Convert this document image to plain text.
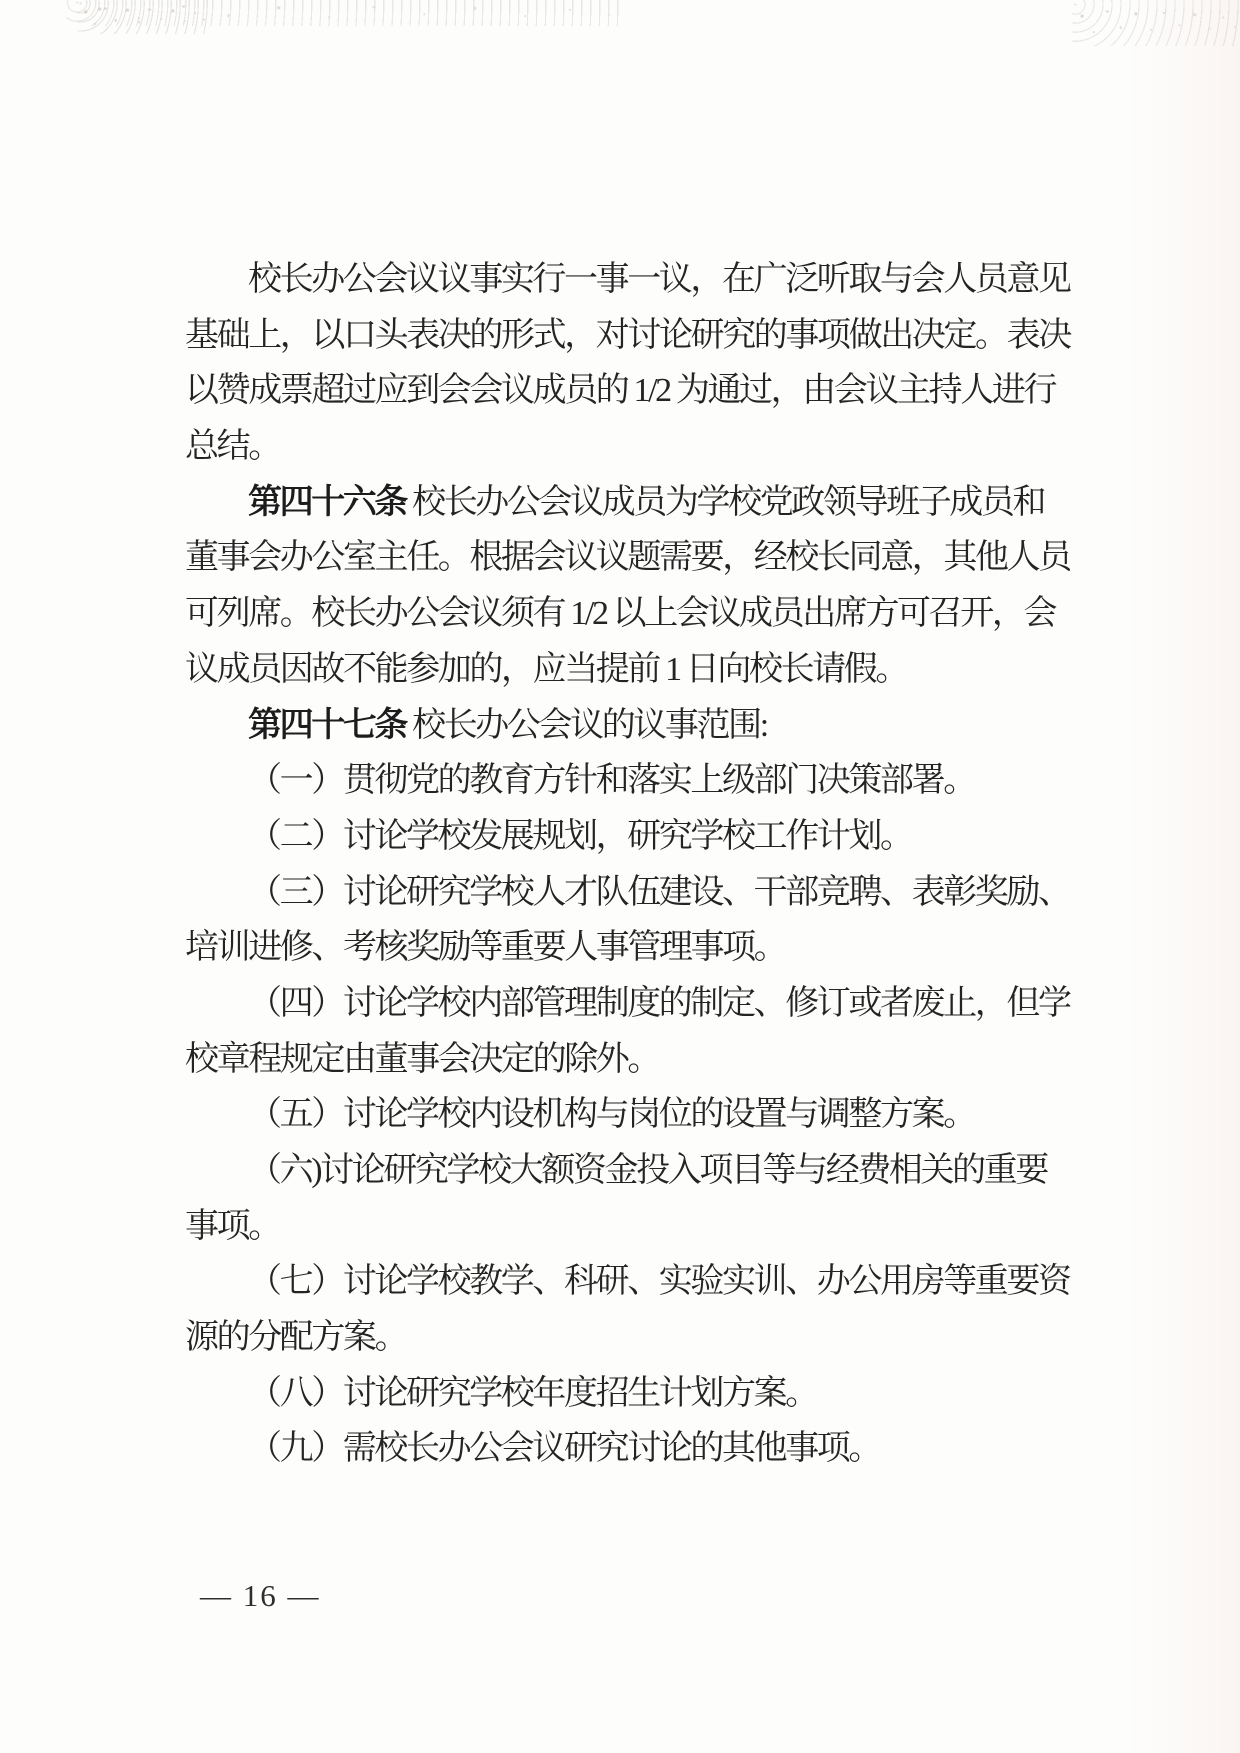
校长办公会议议事实行一事一议，在广泛听取与会人员意见
基础上，以口头表决的形式，对讨论研究的事项做出决定。表决
以赞成票超过应到会会议成员的 1/2 为通过，由会议主持人进行
总结。
第四十六条 校长办公会议成员为学校党政领导班子成员和
董事会办公室主任。根据会议议题需要，经校长同意，其他人员
可列席。校长办公会议须有 1/2 以上会议成员出席方可召开，会
议成员因故不能参加的，应当提前 1 日向校长请假。
第四十七条 校长办公会议的议事范围:
（一）贯彻党的教育方针和落实上级部门决策部署。
（二）讨论学校发展规划，研究学校工作计划。
（三）讨论研究学校人才队伍建设、干部竞聘、表彰奖励、
培训进修、考核奖励等重要人事管理事项。
（四）讨论学校内部管理制度的制定、修订或者废止，但学
校章程规定由董事会决定的除外。
（五）讨论学校内设机构与岗位的设置与调整方案。
（六)讨论研究学校大额资金投入项目等与经费相关的重要
事项。
（七）讨论学校教学、科研、实验实训、办公用房等重要资
源的分配方案。
（八）讨论研究学校年度招生计划方案。
（九）需校长办公会议研究讨论的其他事项。
— 16 —
